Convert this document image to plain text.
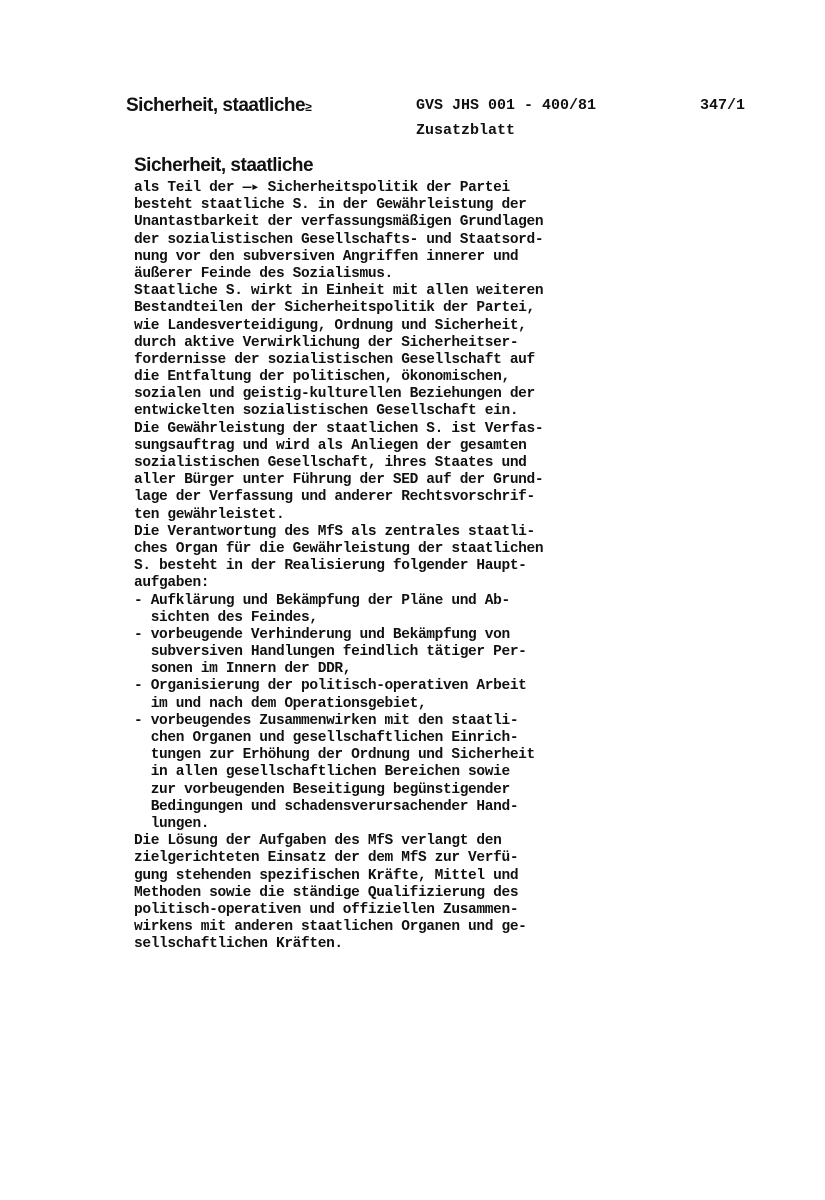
Sicherheit, staatliche≥	GVS JHS 001 - 400/81
Zusatzblatt
347/1
Sicherheit, staatliche
als Teil der —▸ Sicherheitspolitik der Partei
besteht staatliche S. in der Gewährleistung der
Unantastbarkeit der verfassungsmäßigen Grundlagen
der sozialistischen Gesellschafts- und Staatsord-
nung vor den subversiven Angriffen innerer und
äußerer Feinde des Sozialismus.
Staatliche S. wirkt in Einheit mit allen weiteren
Bestandteilen der Sicherheitspolitik der Partei,
wie Landesverteidigung, Ordnung und Sicherheit,
durch aktive Verwirklichung der Sicherheitser-
fordernisse der sozialistischen Gesellschaft auf
die Entfaltung der politischen, ökonomischen,
sozialen und geistig-kulturellen Beziehungen der
entwickelten sozialistischen Gesellschaft ein.
Die Gewährleistung der staatlichen S. ist Verfas-
sungsauftrag und wird als Anliegen der gesamten
sozialistischen Gesellschaft, ihres Staates und
aller Bürger unter Führung der SED auf der Grund-
lage der Verfassung und anderer Rechtsvorschrif-
ten gewährleistet.
Die Verantwortung des MfS als zentrales staatli-
ches Organ für die Gewährleistung der staatlichen
S. besteht in der Realisierung folgender Haupt-
aufgaben:
- Aufklärung und Bekämpfung der Pläne und Ab-
sichten des Feindes,
- vorbeugende Verhinderung und Bekämpfung von
subversiven Handlungen feindlich tätiger Per-
sonen im Innern der DDR,
- Organisierung der politisch-operativen Arbeit
im und nach dem Operationsgebiet,
- vorbeugendes Zusammenwirken mit den staatli-
chen Organen und gesellschaftlichen Einrich-
tungen zur Erhöhung der Ordnung und Sicherheit
in allen gesellschaftlichen Bereichen sowie
zur vorbeugenden Beseitigung begünstigender
Bedingungen und schadensverursachender Hand-
lungen.
Die Lösung der Aufgaben des MfS verlangt den
zielgerichteten Einsatz der dem MfS zur Verfü-
gung stehenden spezifischen Kräfte, Mittel und
Methoden sowie die ständige Qualifizierung des
politisch-operativen und offiziellen Zusammen-
wirkens mit anderen staatlichen Organen und ge-
sellschaftlichen Kräften.
